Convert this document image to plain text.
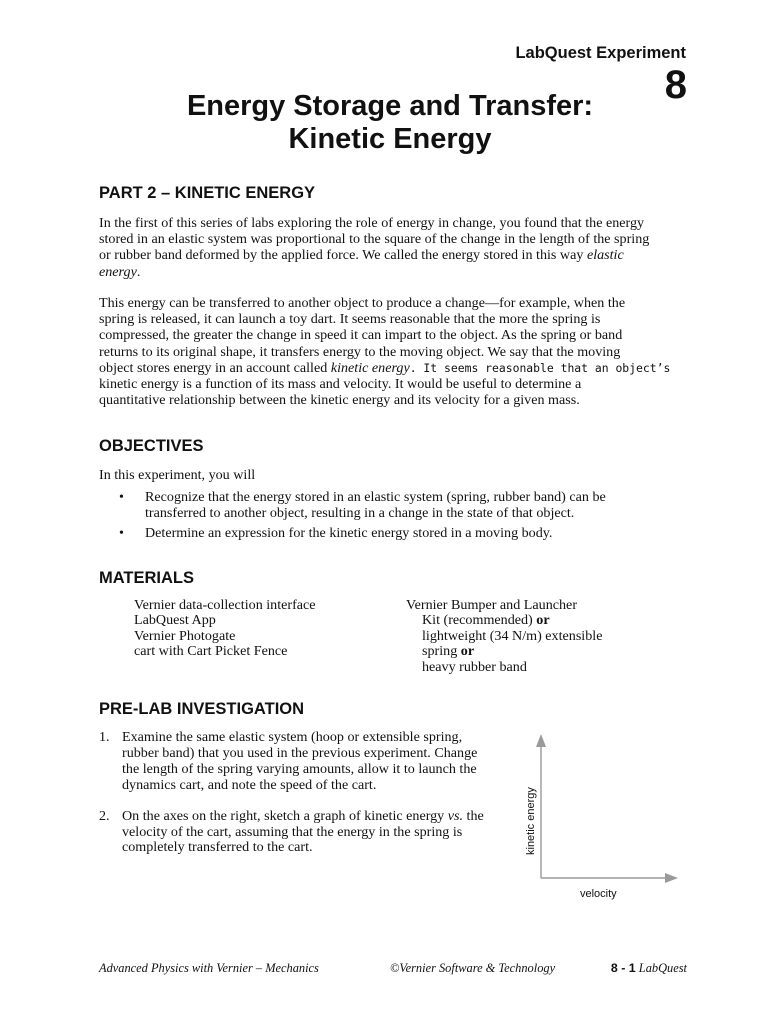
LabQuest Experiment
8
Energy Storage and Transfer:
Kinetic Energy
PART 2 – KINETIC ENERGY
In the first of this series of labs exploring the role of energy in change, you found that the energy
stored in an elastic system was proportional to the square of the change in the length of the spring
or rubber band deformed by the applied force. We called the energy stored in this way elastic
energy.
This energy can be transferred to another object to produce a change—for example, when the
spring is released, it can launch a toy dart. It seems reasonable that the more the spring is
compressed, the greater the change in speed it can impart to the object. As the spring or band
returns to its original shape, it transfers energy to the moving object. We say that the moving
object stores energy in an account called kinetic energy. It seems reasonable that an object’s
kinetic energy is a function of its mass and velocity. It would be useful to determine a
quantitative relationship between the kinetic energy and its velocity for a given mass.
OBJECTIVES
In this experiment, you will
• Recognize that the energy stored in an elastic system (spring, rubber band) can be
transferred to another object, resulting in a change in the state of that object.
• Determine an expression for the kinetic energy stored in a moving body.
MATERIALS
Vernier data-collection interface
LabQuest App
Vernier Photogate
cart with Cart Picket Fence
Vernier Bumper and Launcher
Kit (recommended) or
lightweight (34 N/m) extensible
spring or
heavy rubber band
PRE-LAB INVESTIGATION
1. Examine the same elastic system (hoop or extensible spring,
rubber band) that you used in the previous experiment. Change
the length of the spring varying amounts, allow it to launch the
dynamics cart, and note the speed of the cart.
2. On the axes on the right, sketch a graph of kinetic energy vs. the
velocity of the cart, assuming that the energy in the spring is
completely transferred to the cart.	kinetic energy
velocity
Advanced Physics with Vernier – Mechanics	©Vernier Software & Technology	8 - 1 LabQuest
